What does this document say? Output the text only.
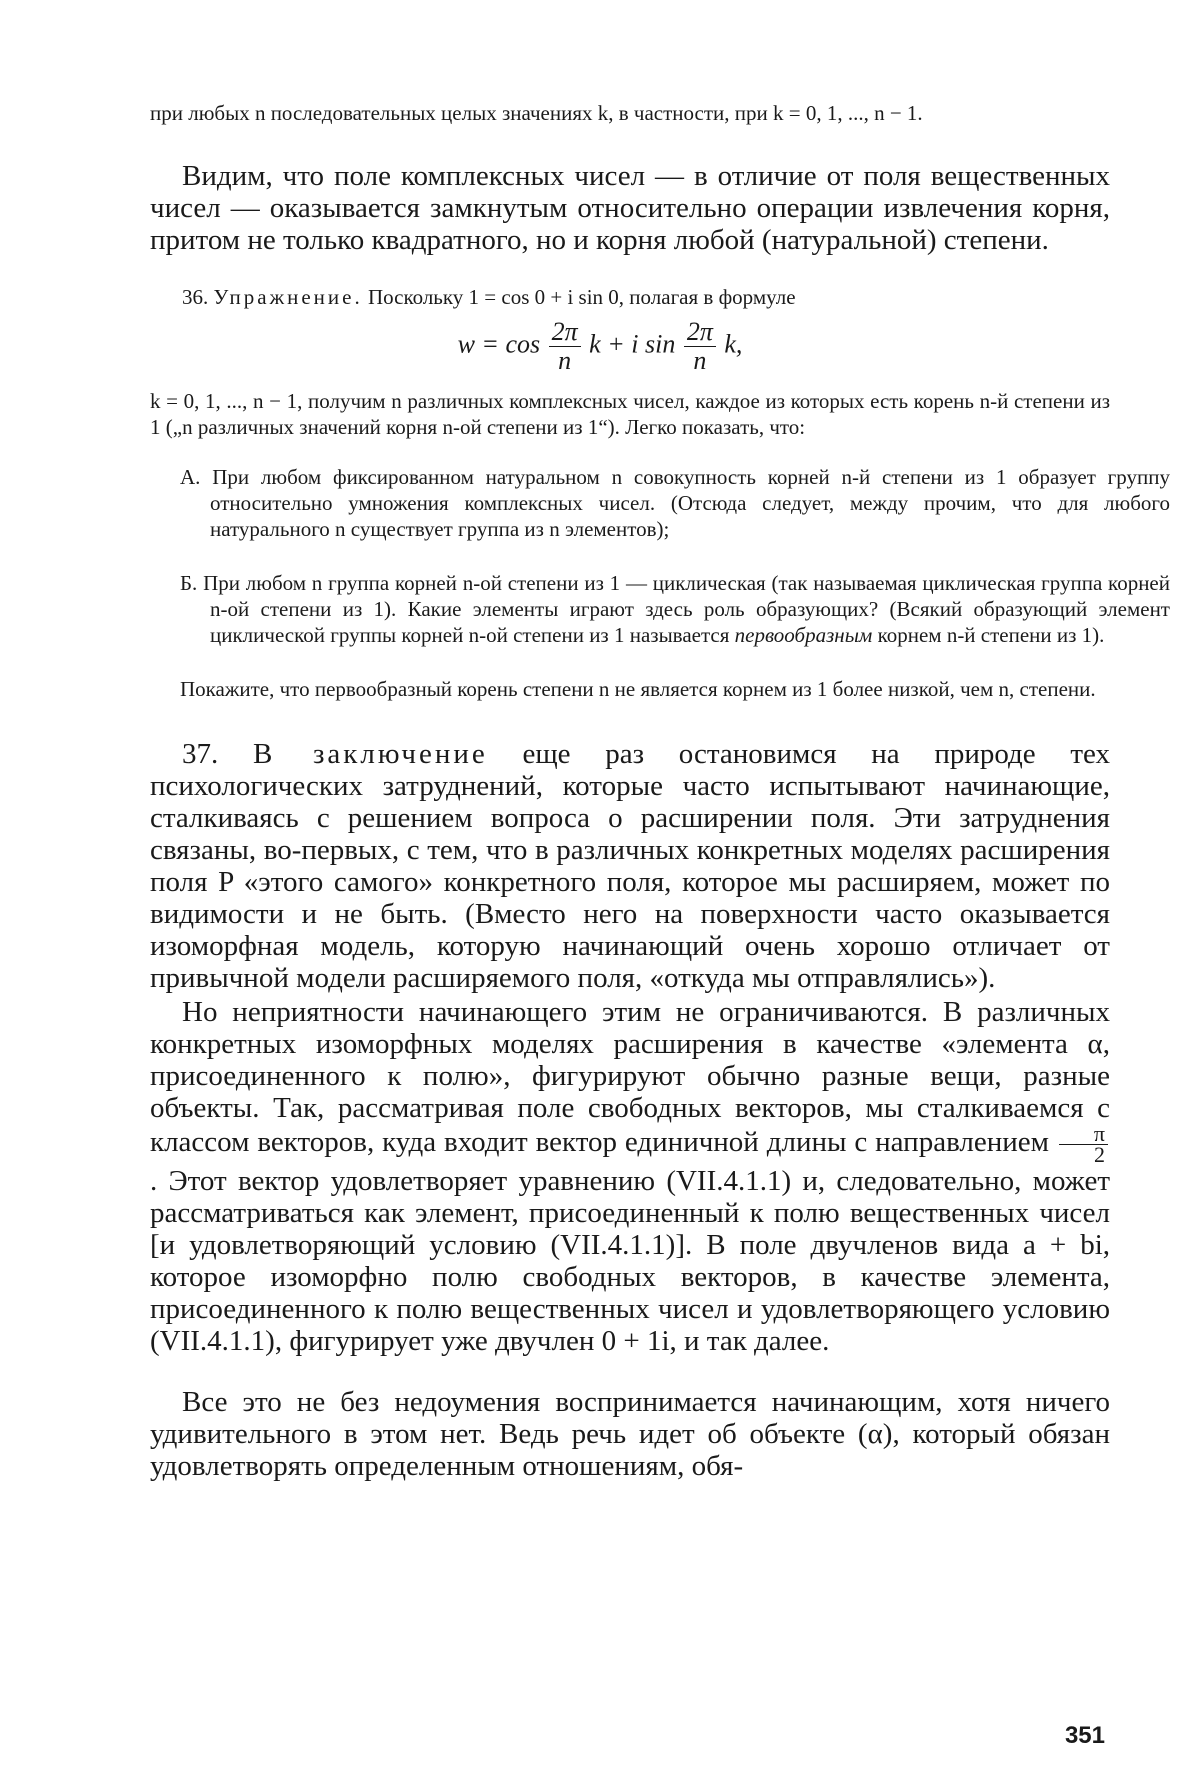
при любых n последовательных целых значениях k, в частности, при k = 0, 1, ..., n − 1.

Видим, что поле комплексных чисел — в отличие от поля вещественных чисел — оказывается замкнутым относительно операции извлечения корня, притом не только квадратного, но и корня любой (натуральной) степени.

36. Упражнение. Поскольку 1 = cos 0 + i sin 0, полагая в формуле

$w = \cos \frac{2\pi}{n}$ k + i $\sin \frac{2\pi}{n} k$,

k = 0, 1, ..., n − 1, получим n различных комплексных чисел, каждое из которых есть корень n-й степени из 1 („n различных значений корня n-ой степени из 1“). Легко показать, что:

А. При любом фиксированном натуральном n совокупность корней n-й степени из 1 образует группу относительно умножения комплексных чисел. (Отсюда следует, между прочим, что для любого натурального n существует группа из n элементов);

Б. При любом n группа корней n-ой степени из 1 — циклическая (так называемая циклическая группа корней n-ой степени из 1). Какие элементы играют здесь роль образующих? (Всякий образующий элемент циклической группы корней n-ой степени из 1 называется первообразным корнем n-й степени из 1).

Покажите, что первообразный корень степени n не является корнем из 1 более низкой, чем n, степени.

37. В заключение еще раз остановимся на природе тех психологических затруднений, которые часто испытывают начинающие, сталкиваясь с решением вопроса о расширении поля. Эти затруднения связаны, во-первых, с тем, что в различных конкретных моделях расширения поля P «этого самого» конкретного поля, которое мы расширяем, может по видимости и не быть. (Вместо него на поверхности часто оказывается изоморфная модель, которую начинающий очень хорошо отличает от привычной модели расширяемого поля, «откуда мы отправлялись»).

Но неприятности начинающего этим не ограничиваются. В различных конкретных изоморфных моделях расширения в качестве «элемента α, присоединенного к полю», фигурируют обычно разные вещи, разные объекты. Так, рассматривая поле свободных векторов, мы сталкиваемся с классом векторов, куда входит вектор единичной длины с направлением $\frac{\pi}{2}$
. Этот вектор удовлетворяет уравнению (VII.4.1.1) и, следовательно, может рассматриваться как элемент, присоединенный к полю вещественных чисел [и удовлетворяющий условию (VII.4.1.1)]. В поле двучленов вида a + bi, которое изоморфно полю свободных векторов, в качестве элемента, присоединенного к полю вещественных чисел и удовлетворяющего условию (VII.4.1.1), фигурирует уже двучлен 0 + 1i, и так далее.

Все это не без недоумения воспринимается начинающим, хотя ничего удивительного в этом нет. Ведь речь идет об объекте (α), который обязан удовлетворять определенным отношениям, обя-

351
